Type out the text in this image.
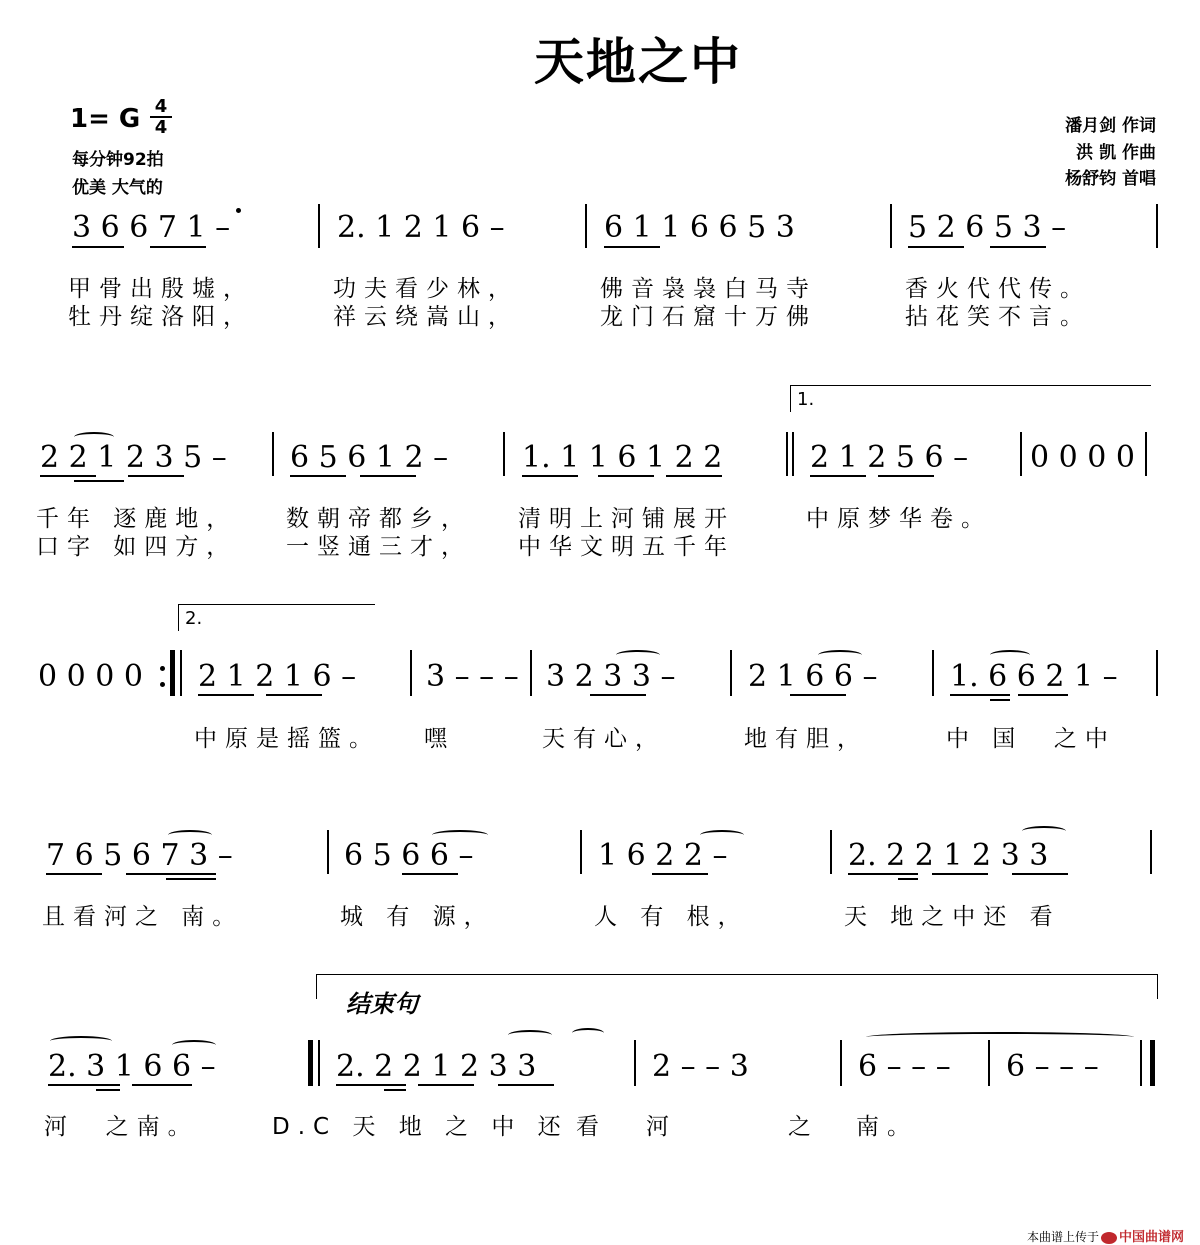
天地之中
1= G 4
4
每分钟92拍
优美 大气的
潘月剑 作词
洪 凯 作曲
杨舒钧 首唱
3 6 6 7 1 –	2. 1 2 1 6 –	6 1 1 6 6 5 3	5 2 6 5 3 –
甲骨出殷墟，	功夫看少林，	佛音袅袅白马寺	香火代代传。
牡丹绽洛阳，	祥云绕嵩山，	龙门石窟十万佛	拈花笑不言。
1.
2 2 1 2 3 5 – 6 5 6 1 2 – 1. 1 1 6 1 2 2	2 1 2 5 6 – 0 0 0 0
千年 逐鹿地， 数朝帝都乡， 清明上河铺展开	中原梦华卷。
口字 如四方， 一竖通三才， 中华文明五千年
2.
0 0 0 0 2 1 2 1 6 – 3 – – – 3 2 3 3 – 2 1 6 6 – 1. 6 6 2 1 –
中原是摇篮。 嘿	天有心，	地有胆，	中 国  之中
7 6 5 6 7 3 –	6 5 6 6 –	1 6 2 2 –	2. 2 2 1 2 3 3
且看河之 南。	城 有 源，	人 有 根，	天 地之中还 看
结束句
2. 3 1 6 6 –	2. 2 2 1 2 3 3	2 – – 3	6 – – – 6 – – –
河  之南。	D.C 天 地 之 中 还 看 河	之 南。

本曲谱上传于 中国曲谱网
